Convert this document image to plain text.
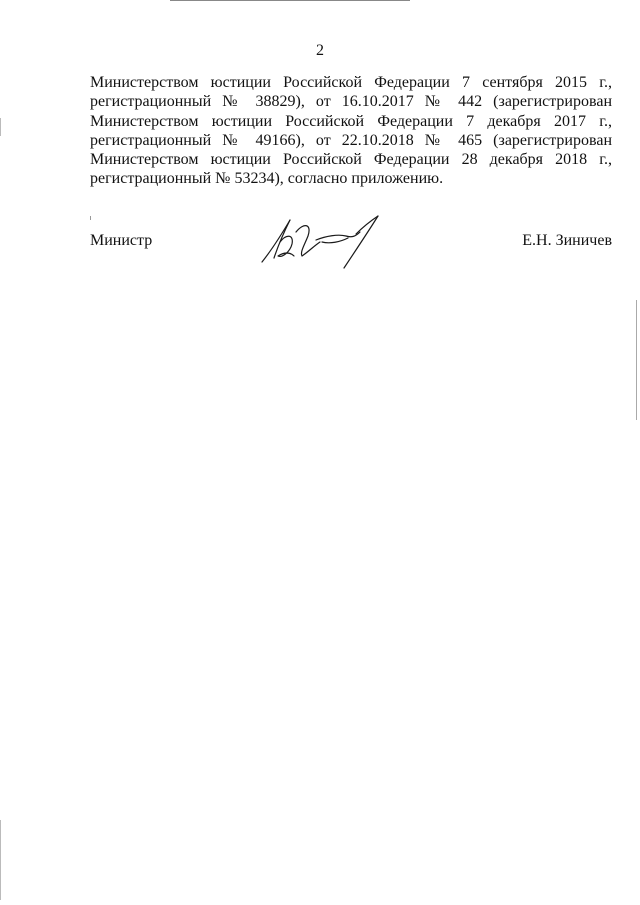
2

Министерством юстиции Российской Федерации 7 сентября 2015 г., регистрационный № 38829), от 16.10.2017 № 442 (зарегистрирован Министерством юстиции Российской Федерации 7 декабря 2017 г., регистрационный № 49166), от 22.10.2018 № 465 (зарегистрирован Министерством юстиции Российской Федерации 28 декабря 2018 г., регистрационный № 53234), согласно приложению.

Министр	Е.Н. Зиничев
